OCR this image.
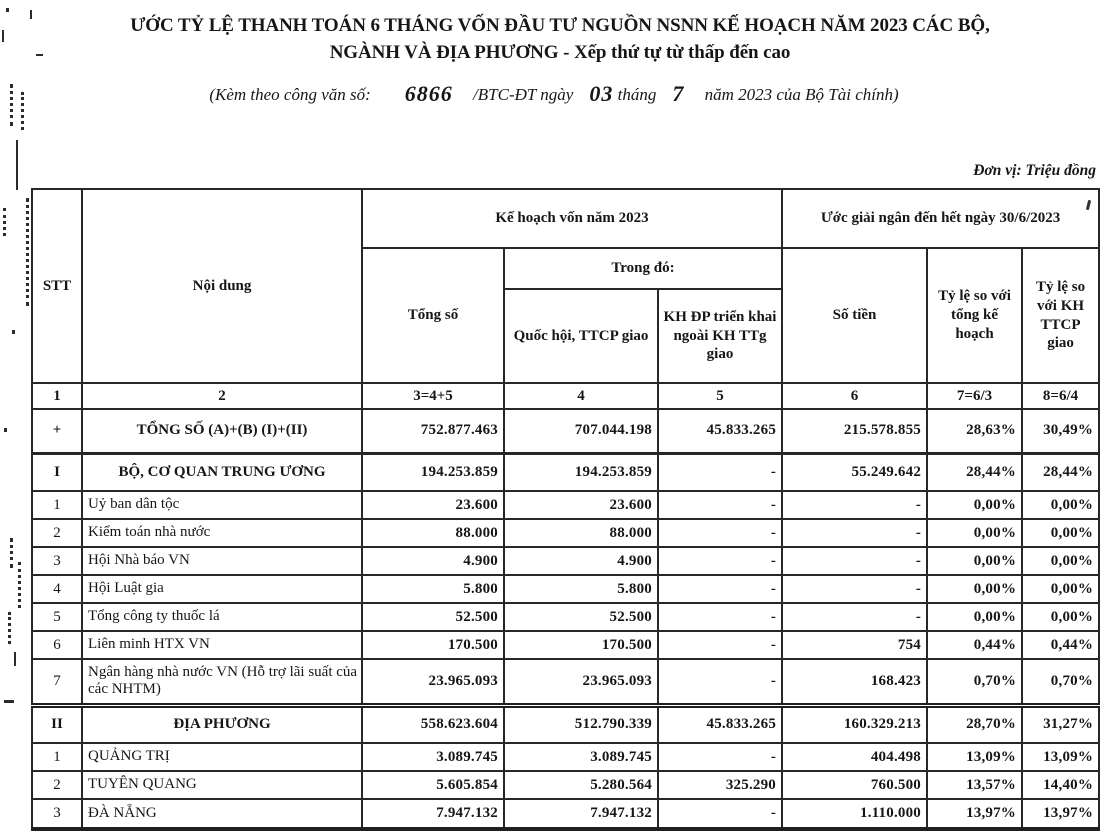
ƯỚC TỶ LỆ THANH TOÁN 6 THÁNG VỐN ĐẦU TƯ NGUỒN NSNN KẾ HOẠCH NĂM 2023 CÁC BỘ,
NGÀNH VÀ ĐỊA PHƯƠNG - Xếp thứ tự từ thấp đến cao
(Kèm theo công văn số: 6866 /BTC-ĐT ngày 03 tháng 7 năm 2023 của Bộ Tài chính)
Đơn vị: Triệu đồng
STT	Nội dung	Kế hoạch vốn năm 2023			Ước giải ngân đến hết ngày 30/6/2023		
		Tổng số	Trong đó:		Số tiền	Tỷ lệ so với tổng kế hoạch	Tỷ lệ so với KH TTCP giao
			Quốc hội, TTCP giao	KH ĐP triển khai ngoài KH TTg giao			
1	2	3=4+5	4	5	6	7=6/3	8=6/4
+	TỔNG SỐ (A)+(B) (I)+(II)	752.877.463	707.044.198	45.833.265	215.578.855	28,63%	30,49%
I	BỘ, CƠ QUAN TRUNG ƯƠNG	194.253.859	194.253.859	-	55.249.642	28,44%	28,44%
1	Uỷ ban dân tộc	23.600	23.600	-	-	0,00%	0,00%
2	Kiểm toán nhà nước	88.000	88.000	-	-	0,00%	0,00%
3	Hội Nhà báo VN	4.900	4.900	-	-	0,00%	0,00%
4	Hội Luật gia	5.800	5.800	-	-	0,00%	0,00%
5	Tổng công ty thuốc lá	52.500	52.500	-	-	0,00%	0,00%
6	Liên minh HTX VN	170.500	170.500	-	754	0,44%	0,44%
7	Ngân hàng nhà nước VN (Hỗ trợ lãi suất của các NHTM)	23.965.093	23.965.093	-	168.423	0,70%	0,70%
II	ĐỊA PHƯƠNG	558.623.604	512.790.339	45.833.265	160.329.213	28,70%	31,27%
1	QUẢNG TRỊ	3.089.745	3.089.745	-	404.498	13,09%	13,09%
2	TUYÊN QUANG	5.605.854	5.280.564	325.290	760.500	13,57%	14,40%
3	ĐÀ NẴNG	7.947.132	7.947.132	-	1.110.000	13,97%	13,97%
